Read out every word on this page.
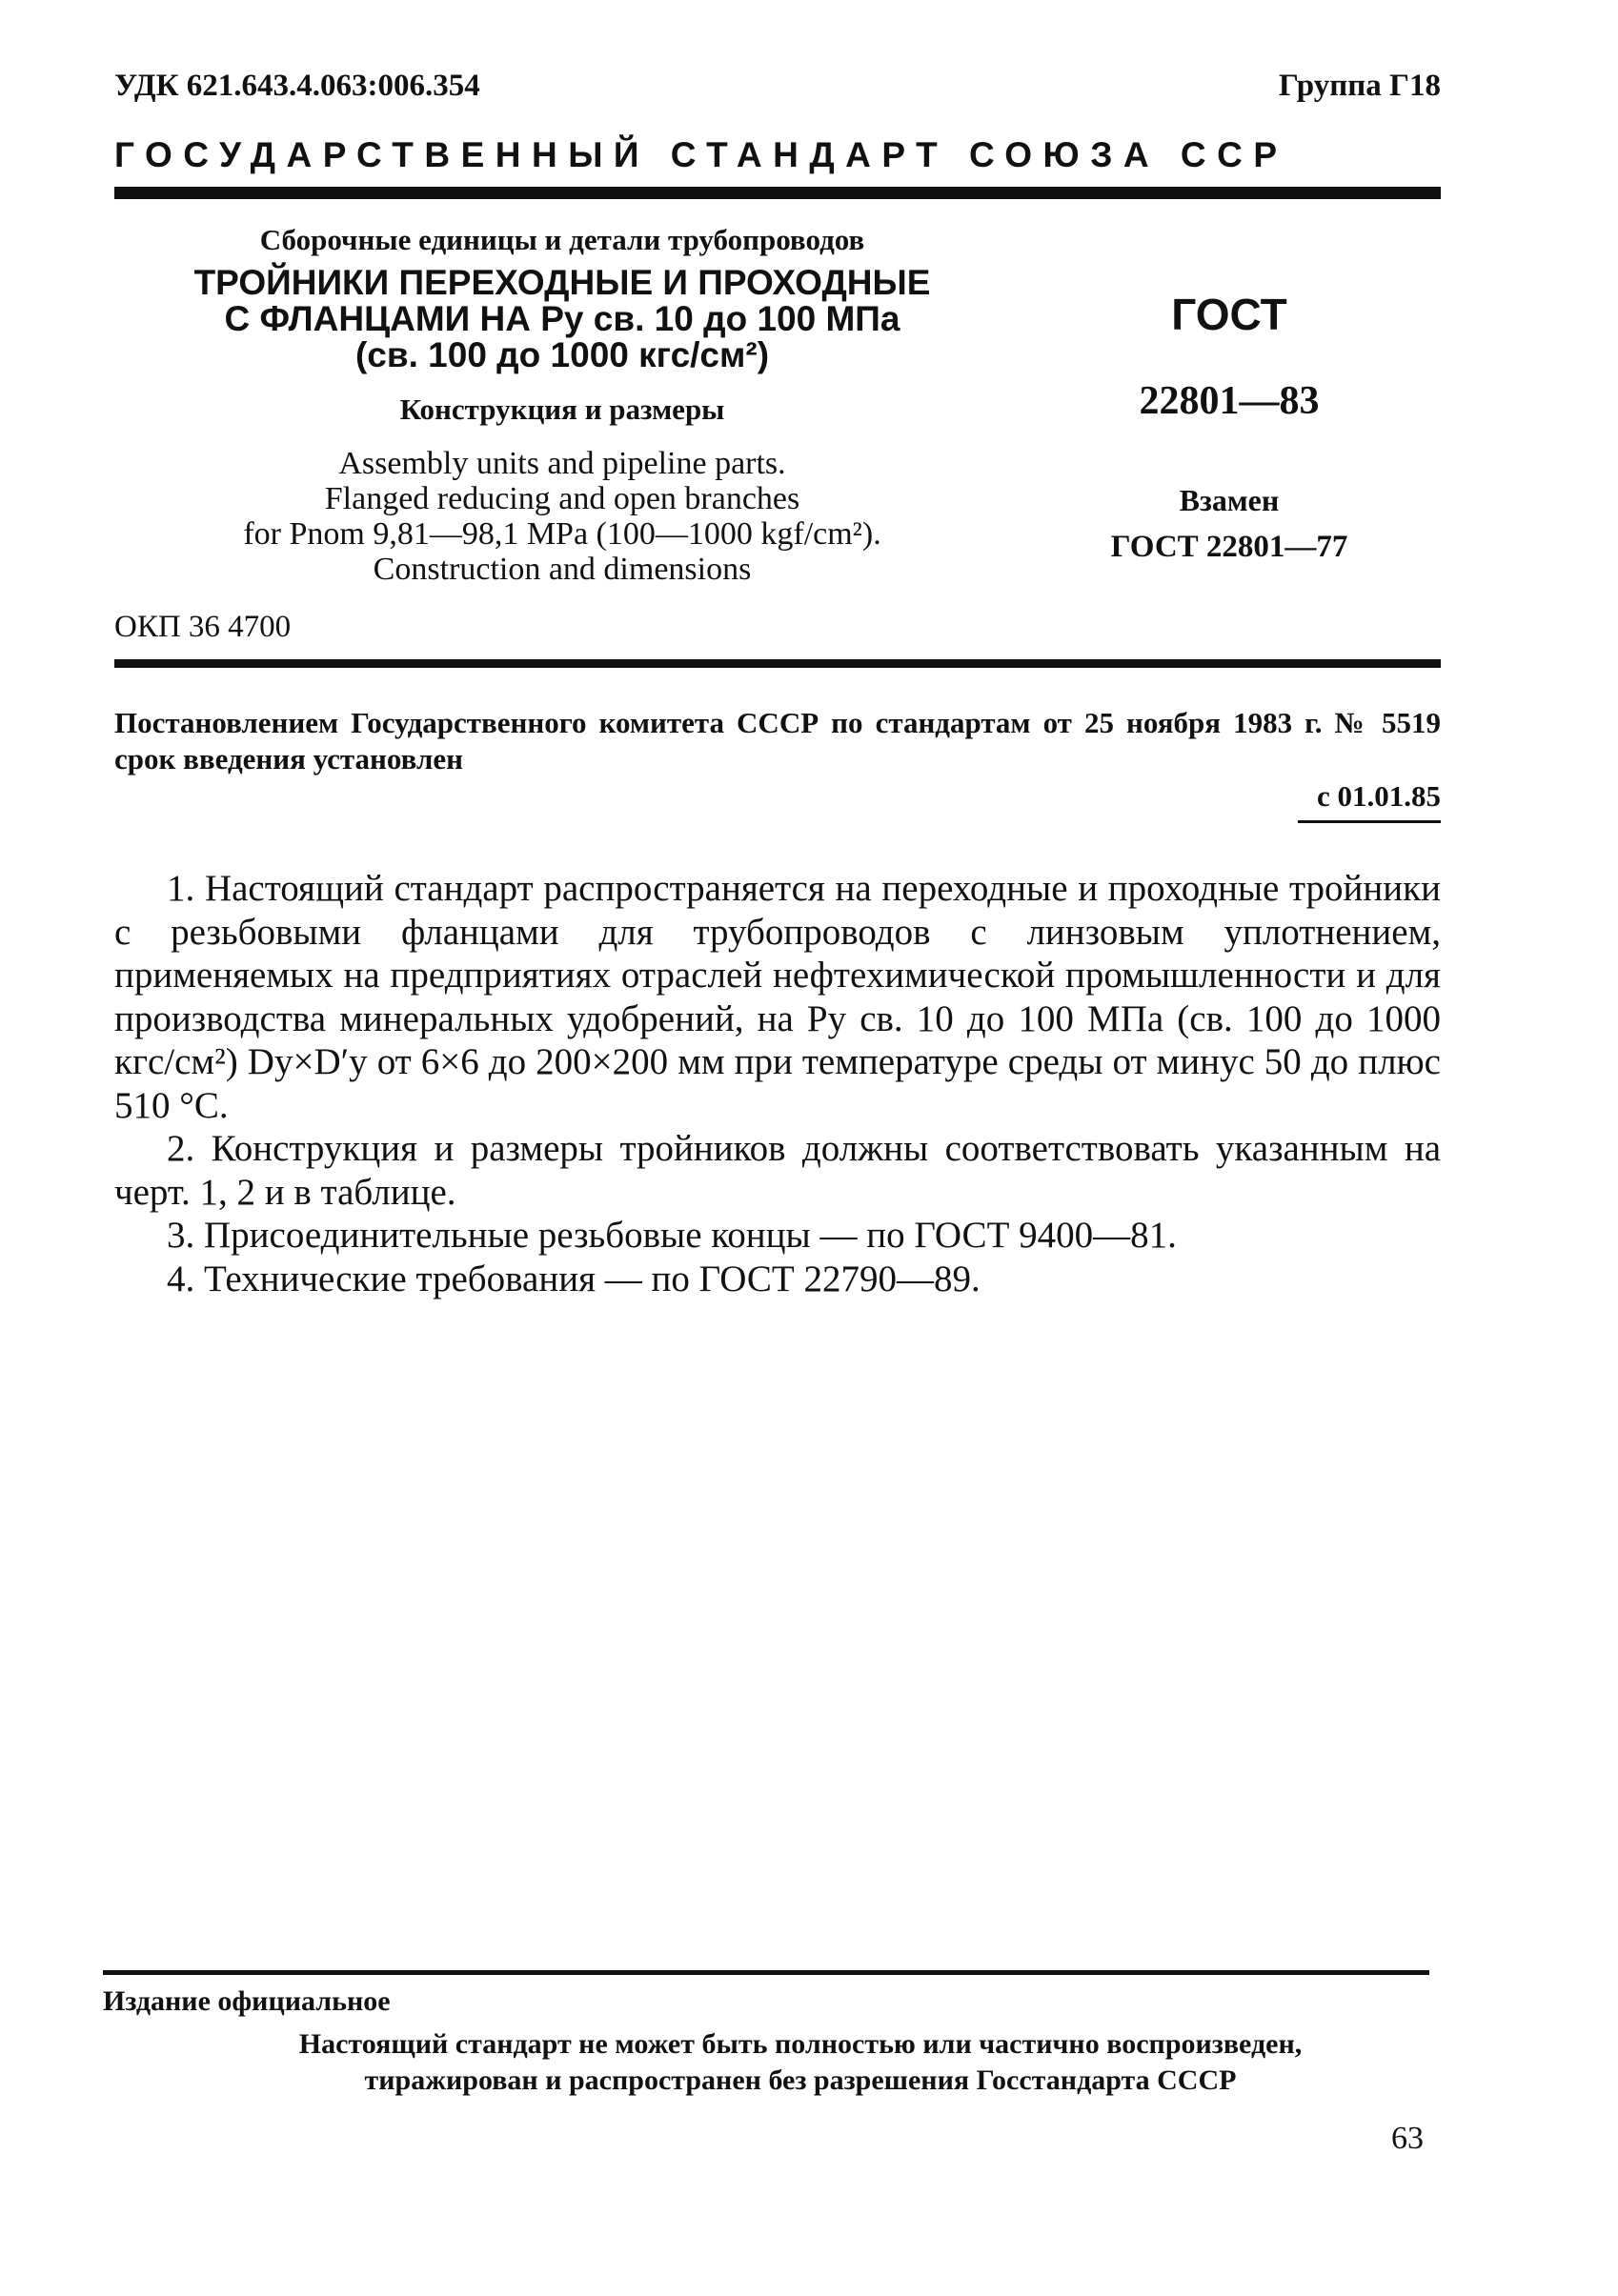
УДК 621.643.4.063:006.354	Группа Г18
ГОСУДАРСТВЕННЫЙ СТАНДАРТ СОЮЗА ССР
Сборочные единицы и детали трубопроводов
ТРОЙНИКИ ПЕРЕХОДНЫЕ И ПРОХОДНЫЕ
С ФЛАНЦАМИ НА Pу св. 10 до 100 МПа
(св. 100 до 1000 кгс/см²)
Конструкция и размеры
Assembly units and pipeline parts.
Flanged reducing and open branches
for Pnom 9,81—98,1 MPa (100—1000 kgf/cm²).
Construction and dimensions
ГОСТ
22801—83
Взамен
ГОСТ 22801—77
ОКП 36 4700
Постановлением Государственного комитета СССР по стандартам от 25 ноября 1983 г. № 5519 срок введения установлен
с 01.01.85

1. Настоящий стандарт распространяется на переходные и проходные тройники с резьбовыми фланцами для трубопроводов с линзовым уплотнением, применяемых на предприятиях отраслей нефтехимической промышленности и для производства минеральных удобрений, на Pу св. 10 до 100 МПа (св. 100 до 1000 кгс/см²) Dу×D′у от 6×6 до 200×200 мм при температуре среды от минус 50 до плюс 510 °С.

2. Конструкция и размеры тройников должны соответствовать указанным на черт. 1, 2 и в таблице.

3. Присоединительные резьбовые концы — по ГОСТ 9400—81.

4. Технические требования — по ГОСТ 22790—89.

Издание официальное
Настоящий стандарт не может быть полностью или частично воспроизведен,
тиражирован и распространен без разрешения Госстандарта СССР
63
